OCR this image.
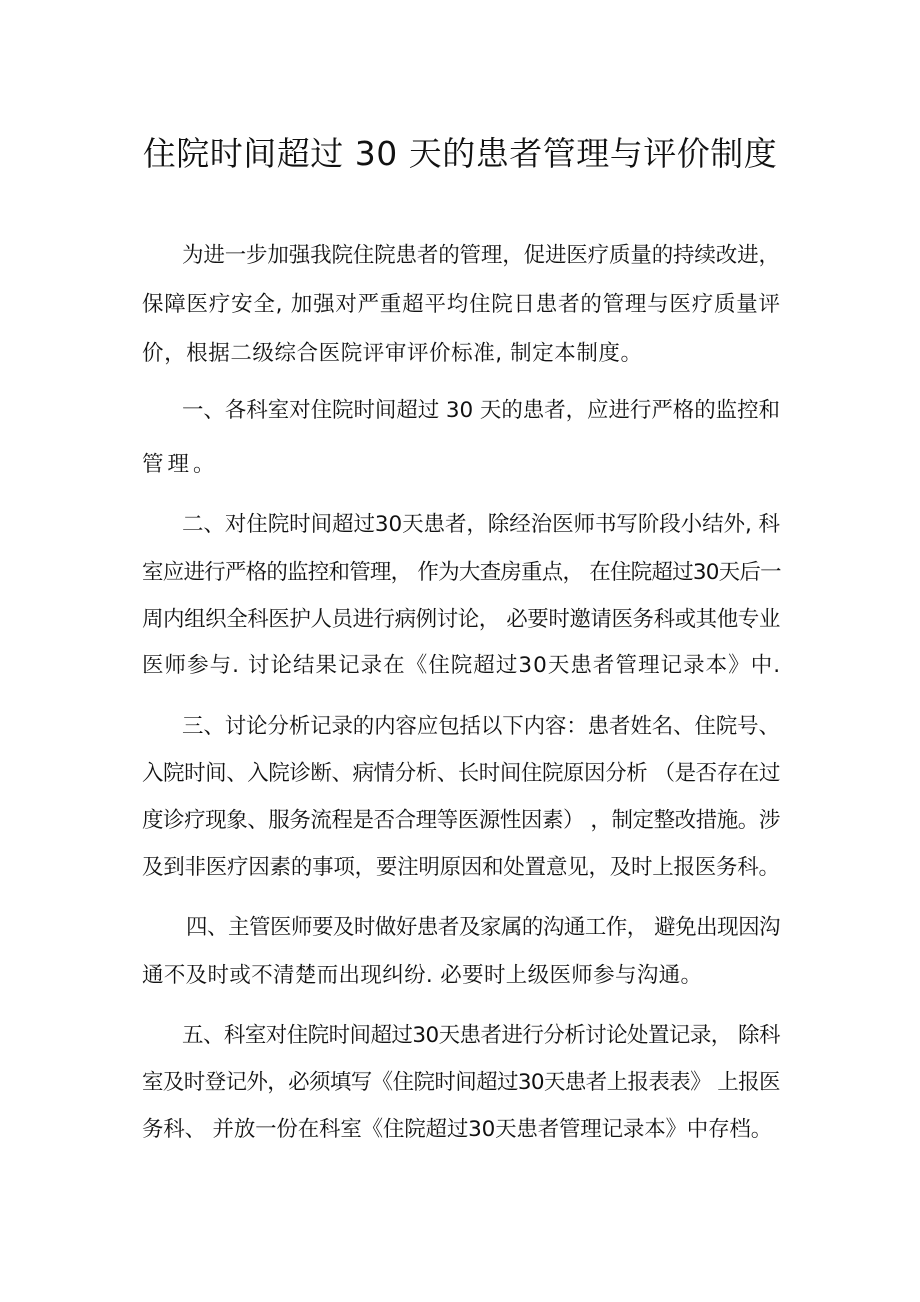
住院时间超过 30 天的患者管理与评价制度
为进一步加强我院住院患者的管理，促进医疗质量的持续改进，
保障医疗安全, 加强对严重超平均住院日患者的管理与医疗质量评
价，根据二级综合医院评审评价标准, 制定本制度。
一、各科室对住院时间超过 30 天的患者，应进行严格的监控和
管理。
二、对住院时间超过30天患者，除经治医师书写阶段小结外, 科
室应进行严格的监控和管理， 作为大查房重点， 在住院超过30天后一
周内组织全科医护人员进行病例讨论， 必要时邀请医务科或其他专业
医师参与. 讨论结果记录在《住院超过30天患者管理记录本》中.
三、讨论分析记录的内容应包括以下内容：患者姓名、住院号、
入院时间、入院诊断、病情分析、长时间住院原因分析 （是否存在过
度诊疗现象、服务流程是否合理等医源性因素） ，制定整改措施。涉
及到非医疗因素的事项，要注明原因和处置意见，及时上报医务科。
四、主管医师要及时做好患者及家属的沟通工作， 避免出现因沟
通不及时或不清楚而出现纠纷. 必要时上级医师参与沟通。
五、科室对住院时间超过30天患者进行分析讨论处置记录， 除科
室及时登记外，必须填写《住院时间超过30天患者上报表表》 上报医
务科、 并放一份在科室《住院超过30天患者管理记录本》中存档。
